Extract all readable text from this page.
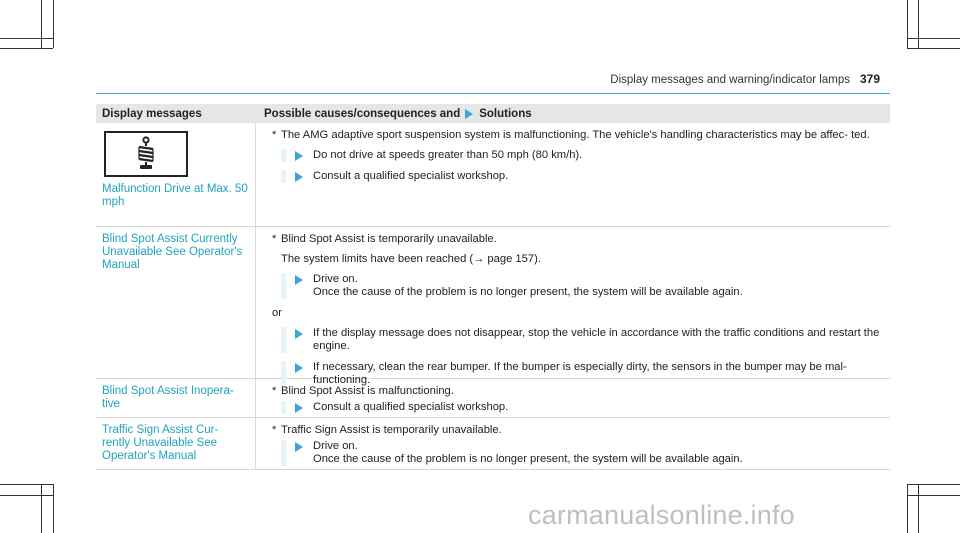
Display messages and warning/indicator lamps 379
Display messages	Possible causes/consequences and Solutions
Malfunction Drive at Max. 50 mph
* The AMG adaptive sport suspension system is malfunctioning. The vehicle's handling characteristics may be affec- ted.
Do not drive at speeds greater than 50 mph (80 km/h).
Consult a qualified specialist workshop.
Blind Spot Assist Currently Unavailable See Operator's Manual
* Blind Spot Assist is temporarily unavailable.
The system limits have been reached (→ page 157).
Drive on.
Once the cause of the problem is no longer present, the system will be available again.
or
If the display message does not disappear, stop the vehicle in accordance with the traffic conditions and restart the engine.
If necessary, clean the rear bumper. If the bumper is especially dirty, the sensors in the bumper may be mal- functioning.
Blind Spot Assist Inopera- tive
* Blind Spot Assist is malfunctioning.
Consult a qualified specialist workshop.
Traffic Sign Assist Cur- rently Unavailable See Operator's Manual
* Traffic Sign Assist is temporarily unavailable.
Drive on.
Once the cause of the problem is no longer present, the system will be available again.
carmanualsonline.info
